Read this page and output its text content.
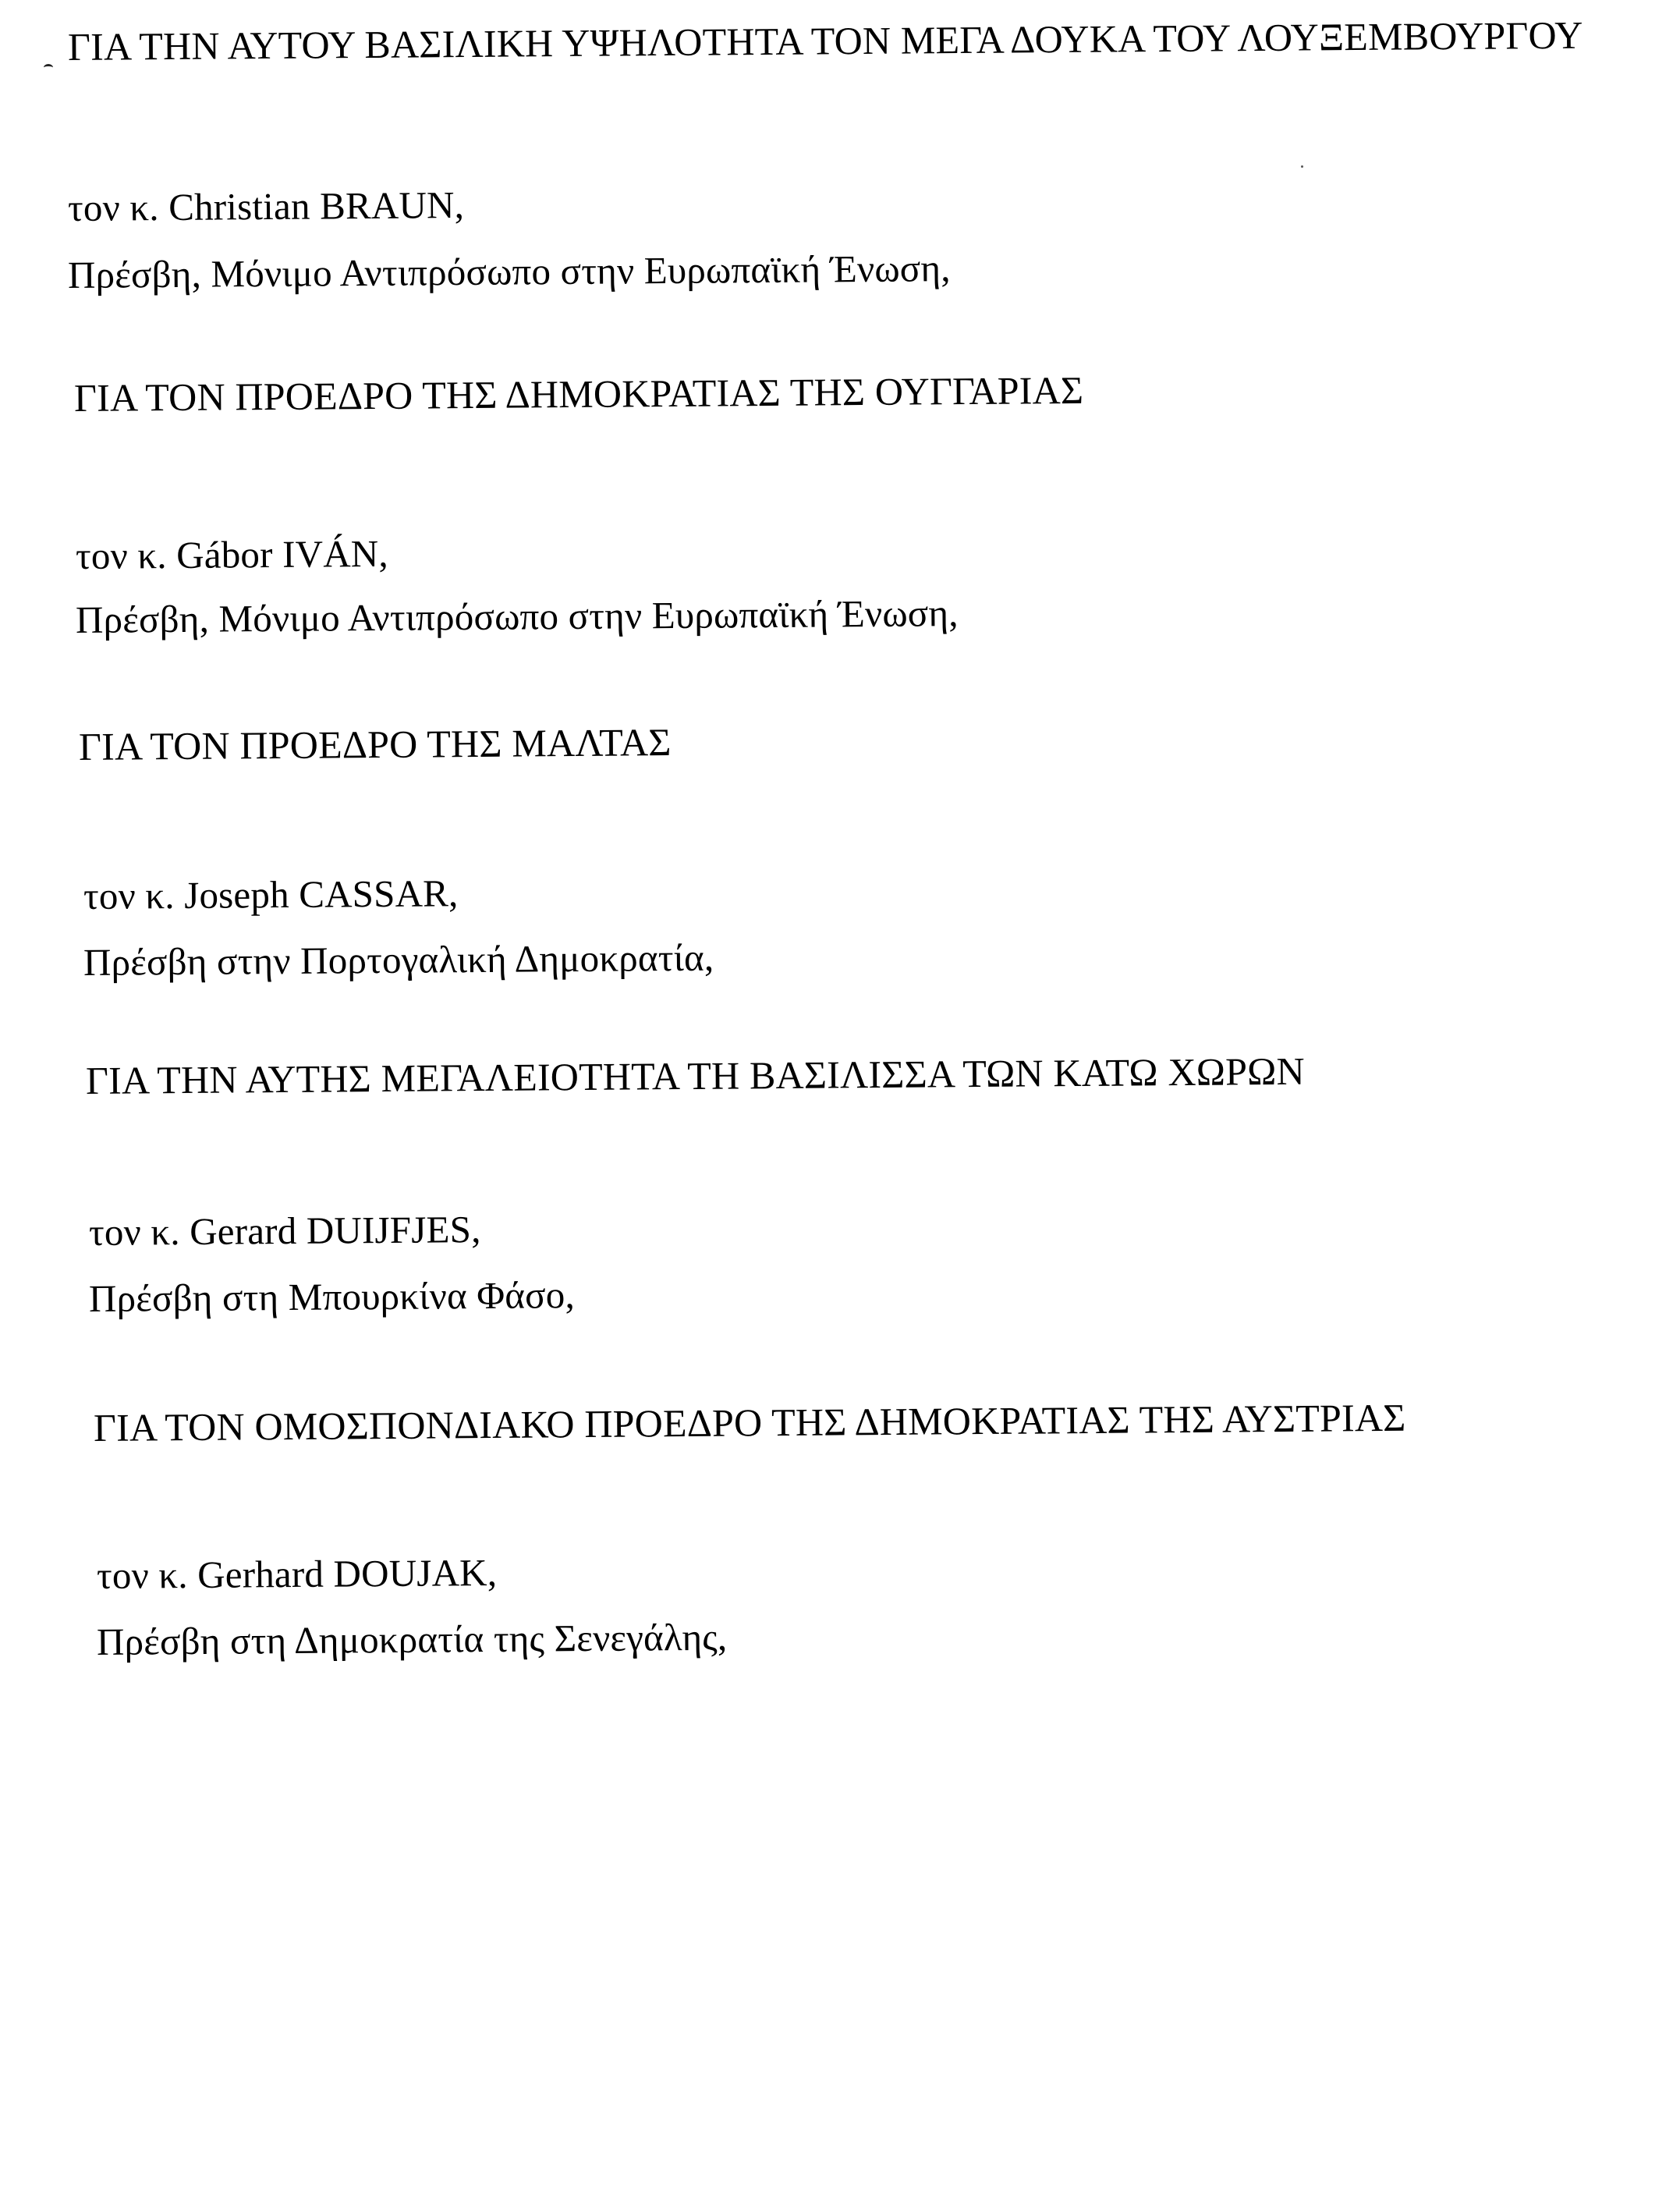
ΓΙΑ ΤΗΝ ΑΥΤΟΥ ΒΑΣΙΛΙΚΗ ΥΨΗΛΟΤΗΤΑ ΤΟΝ ΜΕΓΑ ΔΟΥΚΑ ΤΟΥ ΛΟΥΞΕΜΒΟΥΡΓΟΥ
τον κ. Christian BRAUN,
Πρέσβη, Μόνιμο Αντιπρόσωπο στην Ευρωπαϊκή Ένωση,
ΓΙΑ ΤΟΝ ΠΡΟΕΔΡΟ ΤΗΣ ΔΗΜΟΚΡΑΤΙΑΣ ΤΗΣ ΟΥΓΓΑΡΙΑΣ
τον κ. Gábor IVÁN,
Πρέσβη, Μόνιμο Αντιπρόσωπο στην Ευρωπαϊκή Ένωση,
ΓΙΑ ΤΟΝ ΠΡΟΕΔΡΟ ΤΗΣ ΜΑΛΤΑΣ
τον κ. Joseph CASSAR,
Πρέσβη στην Πορτογαλική Δημοκρατία,
ΓΙΑ ΤΗΝ ΑΥΤΗΣ ΜΕΓΑΛΕΙΟΤΗΤΑ ΤΗ ΒΑΣΙΛΙΣΣΑ ΤΩΝ ΚΑΤΩ ΧΩΡΩΝ
τον κ. Gerard DUIJFJES,
Πρέσβη στη Μπουρκίνα Φάσο,
ΓΙΑ ΤΟΝ ΟΜΟΣΠΟΝΔΙΑΚΟ ΠΡΟΕΔΡΟ ΤΗΣ ΔΗΜΟΚΡΑΤΙΑΣ ΤΗΣ ΑΥΣΤΡΙΑΣ
τον κ. Gerhard DOUJAK,
Πρέσβη στη Δημοκρατία της Σενεγάλης,
